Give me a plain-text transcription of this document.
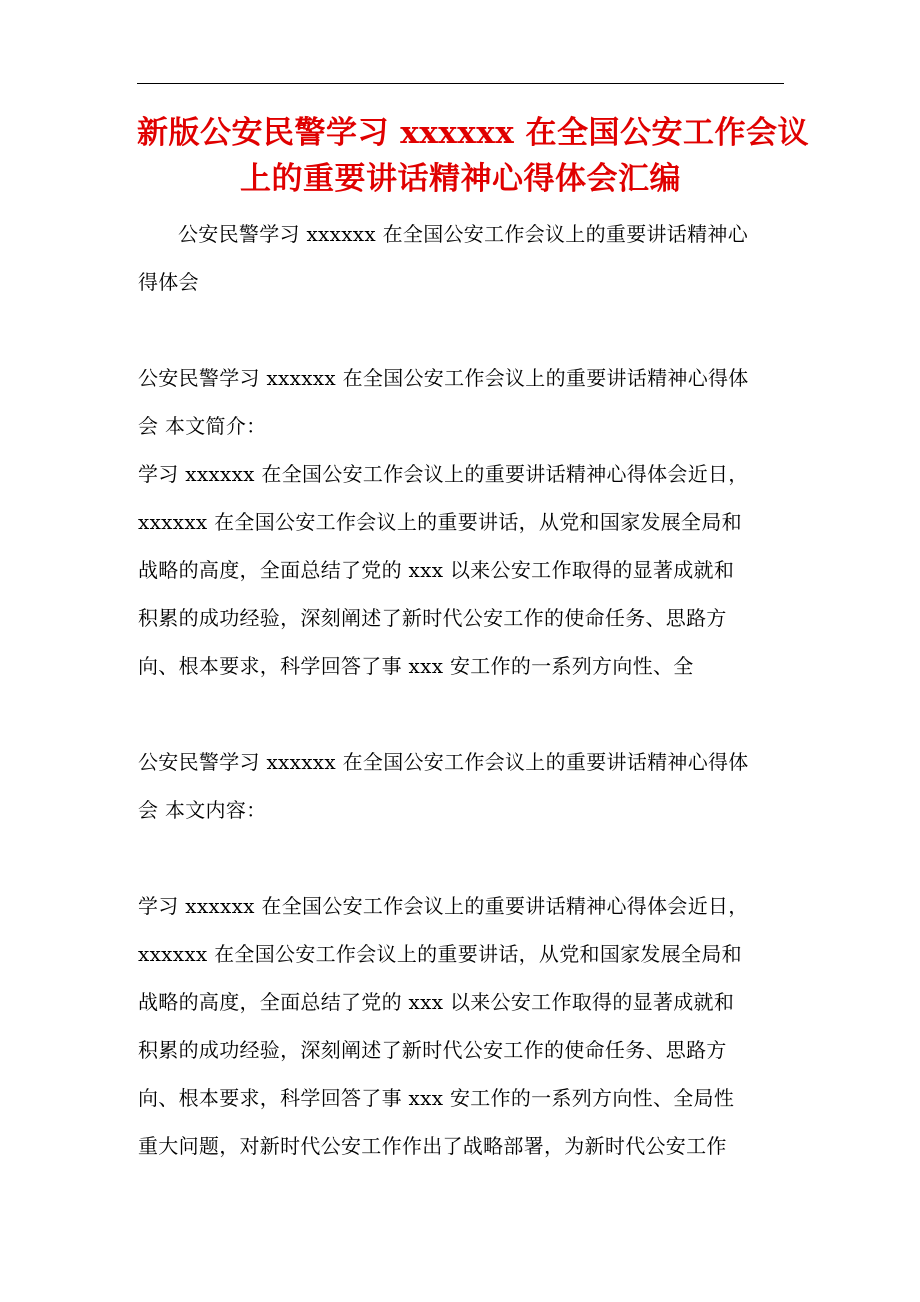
新版公安民警学习 xxxxxx 在全国公安工作会议
上的重要讲话精神心得体会汇编
公安民警学习 xxxxxx 在全国公安工作会议上的重要讲话精神心
得体会
公安民警学习 xxxxxx 在全国公安工作会议上的重要讲话精神心得体
会 本文简介：
学习 xxxxxx 在全国公安工作会议上的重要讲话精神心得体会近日，
xxxxxx 在全国公安工作会议上的重要讲话，从党和国家发展全局和
战略的高度，全面总结了党的 xxx 以来公安工作取得的显著成就和
积累的成功经验，深刻阐述了新时代公安工作的使命任务、思路方
向、根本要求，科学回答了事 xxx 安工作的一系列方向性、全
公安民警学习 xxxxxx 在全国公安工作会议上的重要讲话精神心得体
会 本文内容：
学习 xxxxxx 在全国公安工作会议上的重要讲话精神心得体会近日，
xxxxxx 在全国公安工作会议上的重要讲话，从党和国家发展全局和
战略的高度，全面总结了党的 xxx 以来公安工作取得的显著成就和
积累的成功经验，深刻阐述了新时代公安工作的使命任务、思路方
向、根本要求，科学回答了事 xxx 安工作的一系列方向性、全局性
重大问题，对新时代公安工作作出了战略部署，为新时代公安工作
